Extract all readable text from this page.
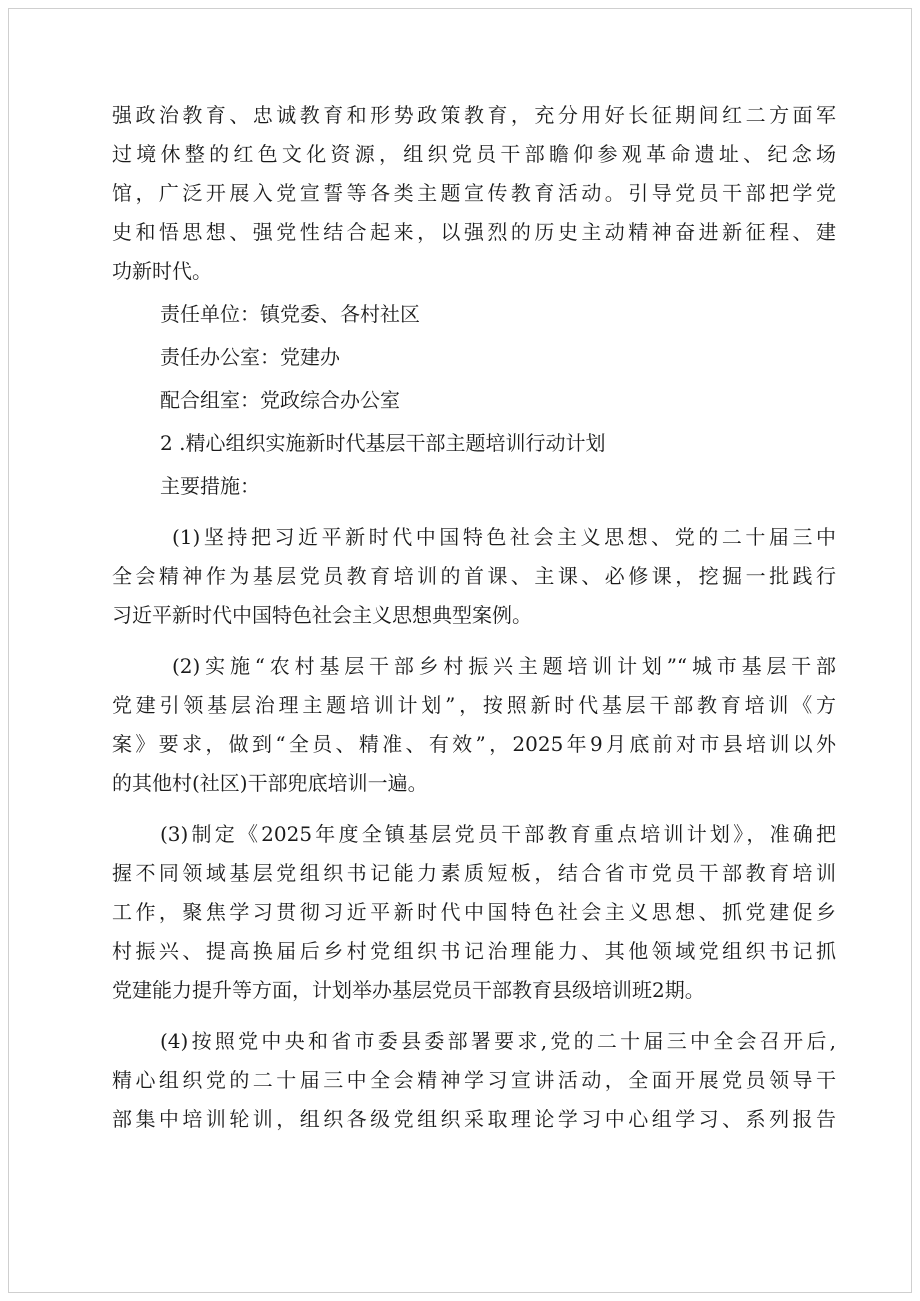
强政治教育、忠诚教育和形势政策教育，充分用好长征期间红二方面军
过境休整的红色文化资源，组织党员干部瞻仰参观革命遗址、纪念场
馆，广泛开展入党宣誓等各类主题宣传教育活动。引导党员干部把学党
史和悟思想、强党性结合起来，以强烈的历史主动精神奋进新征程、建
功新时代。
责任单位：镇党委、各村社区
责任办公室：党建办
配合组室：党政综合办公室
2 .精心组织实施新时代基层干部主题培训行动计划
主要措施：
(1)坚持把习近平新时代中国特色社会主义思想、党的二十届三中
全会精神作为基层党员教育培训的首课、主课、必修课，挖掘一批践行
习近平新时代中国特色社会主义思想典型案例。
(2)实施“农村基层干部乡村振兴主题培训计划”“城市基层干部
党建引领基层治理主题培训计划”，按照新时代基层干部教育培训《方
案》要求，做到“全员、精准、有效”，2025年9月底前对市县培训以外
的其他村(社区)干部兜底培训一遍。
(3)制定《2025年度全镇基层党员干部教育重点培训计划》，准确把
握不同领域基层党组织书记能力素质短板，结合省市党员干部教育培训
工作，聚焦学习贯彻习近平新时代中国特色社会主义思想、抓党建促乡
村振兴、提高换届后乡村党组织书记治理能力、其他领域党组织书记抓
党建能力提升等方面，计划举办基层党员干部教育县级培训班2期。
(4)按照党中央和省市委县委部署要求,党的二十届三中全会召开后,
精心组织党的二十届三中全会精神学习宣讲活动，全面开展党员领导干
部集中培训轮训，组织各级党组织采取理论学习中心组学习、系列报告
